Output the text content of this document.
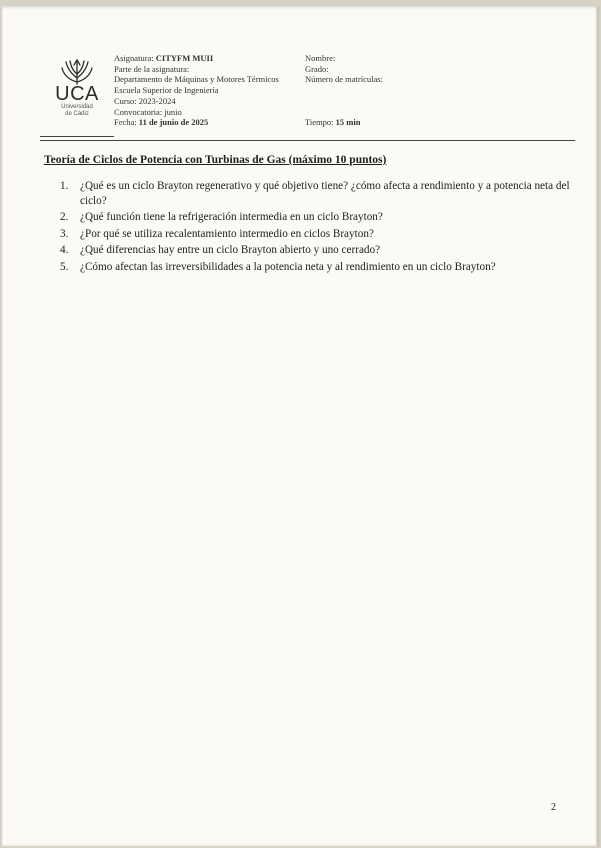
UCA
Universidad
de Cádiz
Asignatura: CITYFM MUII
Parte de la asignatura:
Departamento de Máquinas y Motores Térmicos
Escuela Superior de Ingeniería
Curso: 2023-2024
Convocatoria: junio
Fecha: 11 de junio de 2025
Nombre:
Grado:
Número de matrículas:
Tiempo: 15 min
Teoría de Ciclos de Potencia con Turbinas de Gas (máximo 10 puntos)
1.	¿Qué es un ciclo Brayton regenerativo y qué objetivo tiene? ¿cómo afecta a rendimiento y a potencia neta del ciclo?
2.	¿Qué función tiene la refrigeración intermedia en un ciclo Brayton?
3.	¿Por qué se utiliza recalentamiento intermedio en ciclos Brayton?
4.	¿Qué diferencias hay entre un ciclo Brayton abierto y uno cerrado?
5.	¿Cómo afectan las irreversibilidades a la potencia neta y al rendimiento en un ciclo Brayton?
2
